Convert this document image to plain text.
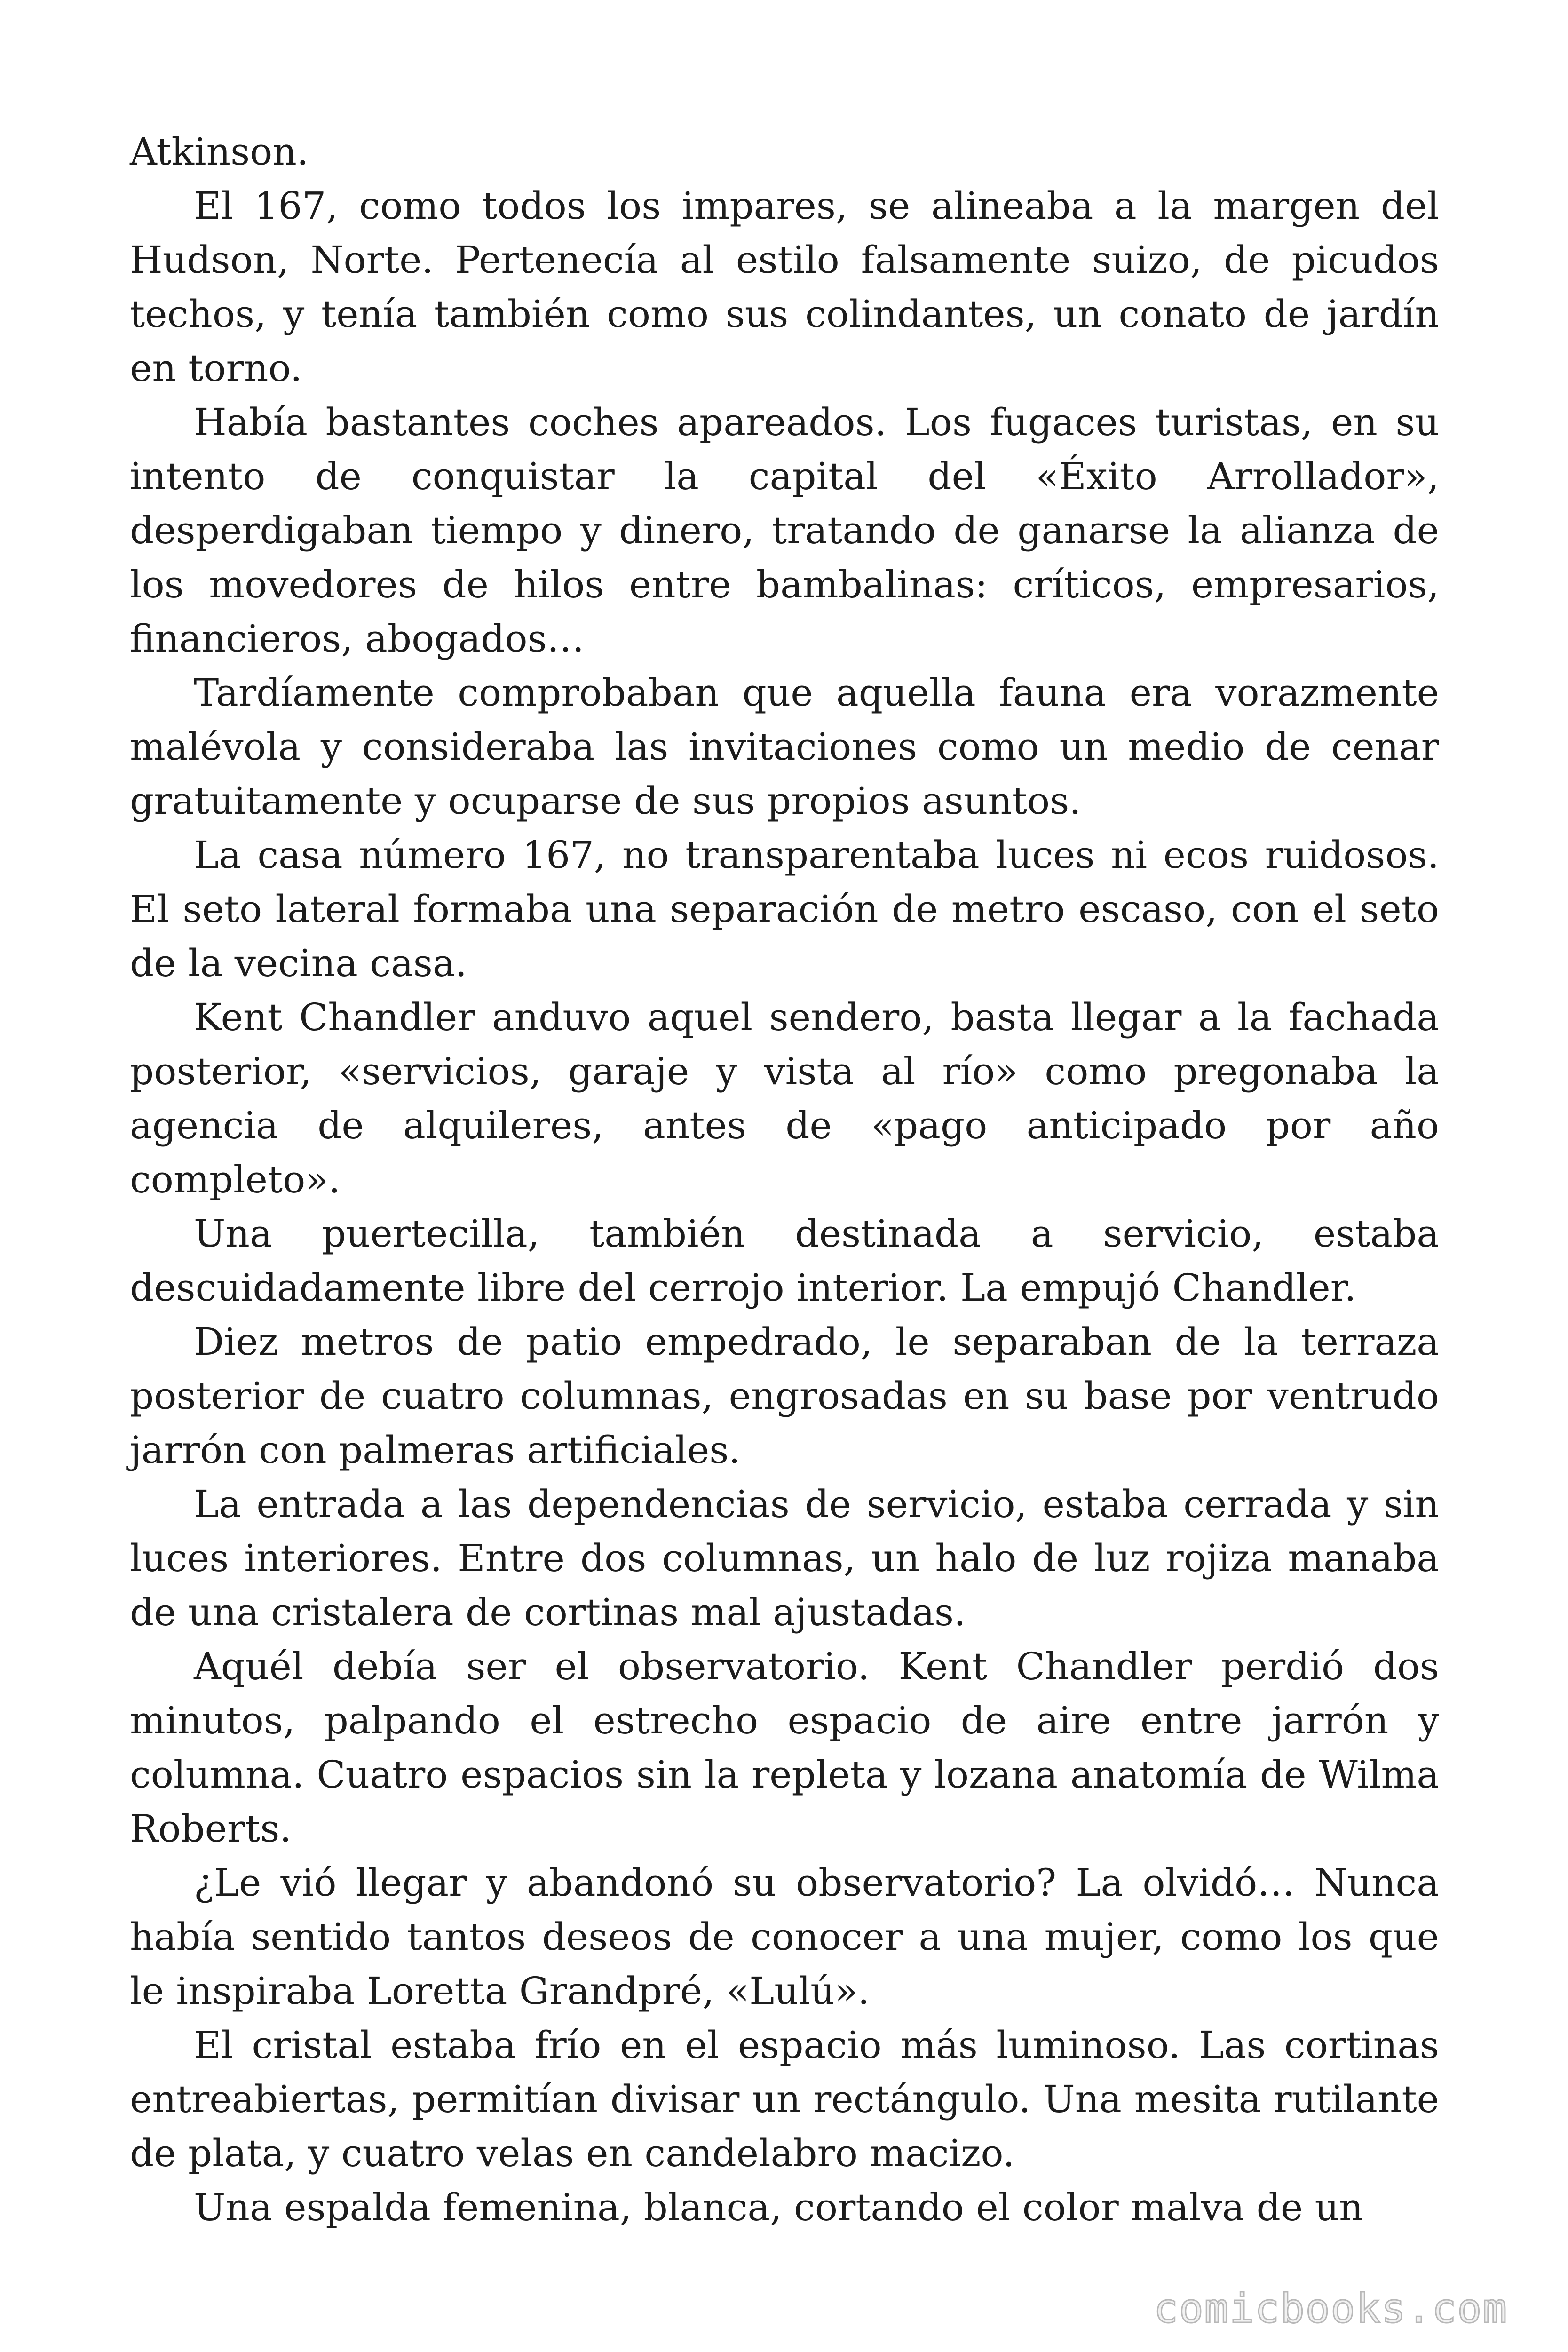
Atkinson.

El 167, como todos los impares, se alineaba a la margen del Hudson, Norte. Pertenecía al estilo falsamente suizo, de picudos techos, y tenía también como sus colindantes, un conato de jardín en torno.

Había bastantes coches apareados. Los fugaces turistas, en su intento de conquistar la capital del «Éxito Arrollador», desperdigaban tiempo y dinero, tratando de ganarse la alianza de los movedores de hilos entre bambalinas: críticos, empresarios, financieros, abogados…

Tardíamente comprobaban que aquella fauna era vorazmente malévola y consideraba las invitaciones como un medio de cenar gratuitamente y ocuparse de sus propios asuntos.

La casa número 167, no transparentaba luces ni ecos ruidosos. El seto lateral formaba una separación de metro escaso, con el seto de la vecina casa.

Kent Chandler anduvo aquel sendero, basta llegar a la fachada posterior, «servicios, garaje y vista al río» como pregonaba la agencia de alquileres, antes de «pago anticipado por año completo».

Una puertecilla, también destinada a servicio, estaba descuidadamente libre del cerrojo interior. La empujó Chandler.

Diez metros de patio empedrado, le separaban de la terraza posterior de cuatro columnas, engrosadas en su base por ventrudo jarrón con palmeras artificiales.

La entrada a las dependencias de servicio, estaba cerrada y sin luces interiores. Entre dos columnas, un halo de luz rojiza manaba de una cristalera de cortinas mal ajustadas.

Aquél debía ser el observatorio. Kent Chandler perdió dos minutos, palpando el estrecho espacio de aire entre jarrón y columna. Cuatro espacios sin la repleta y lozana anatomía de Wilma Roberts.

¿Le vió llegar y abandonó su observatorio? La olvidó… Nunca había sentido tantos deseos de conocer a una mujer, como los que le inspiraba Loretta Grandpré, «Lulú».

El cristal estaba frío en el espacio más luminoso. Las cortinas entreabiertas, permitían divisar un rectángulo. Una mesita rutilante de plata, y cuatro velas en candelabro macizo.

Una espalda femenina, blanca, cortando el color malva de un

comicbooks.com
